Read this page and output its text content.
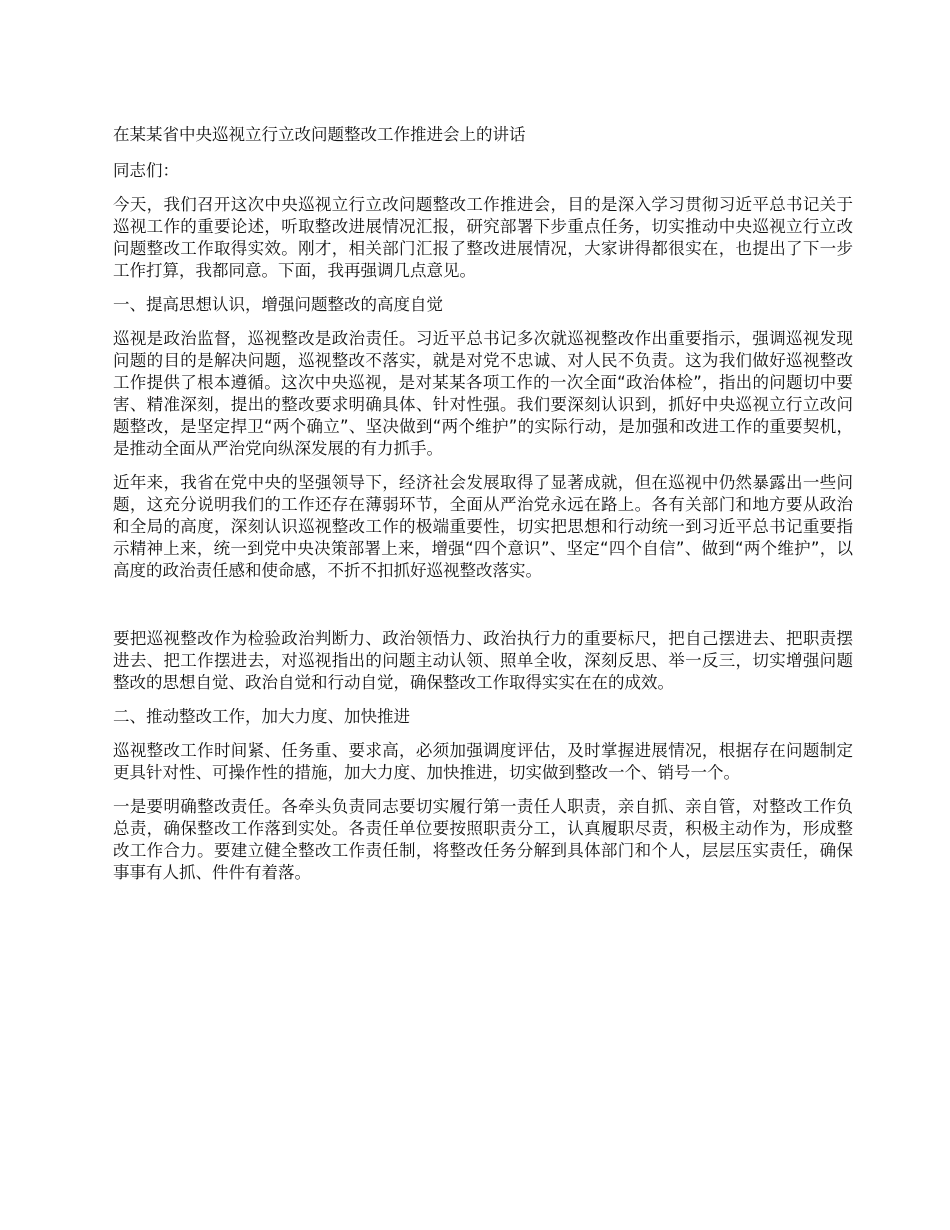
在某某省中央巡视立行立改问题整改工作推进会上的讲话

同志们：

今天，我们召开这次中央巡视立行立改问题整改工作推进会，目的是深入学习贯彻习近平总书记关于巡视工作的重要论述，听取整改进展情况汇报，研究部署下步重点任务，切实推动中央巡视立行立改问题整改工作取得实效。刚才，相关部门汇报了整改进展情况，大家讲得都很实在，也提出了下一步工作打算，我都同意。下面，我再强调几点意见。

一、提高思想认识，增强问题整改的高度自觉

巡视是政治监督，巡视整改是政治责任。习近平总书记多次就巡视整改作出重要指示，强调巡视发现问题的目的是解决问题，巡视整改不落实，就是对党不忠诚、对人民不负责。这为我们做好巡视整改工作提供了根本遵循。这次中央巡视，是对某某各项工作的一次全面“政治体检”，指出的问题切中要害、精准深刻，提出的整改要求明确具体、针对性强。我们要深刻认识到，抓好中央巡视立行立改问题整改，是坚定捍卫“两个确立”、坚决做到“两个维护”的实际行动，是加强和改进工作的重要契机，是推动全面从严治党向纵深发展的有力抓手。

近年来，我省在党中央的坚强领导下，经济社会发展取得了显著成就，但在巡视中仍然暴露出一些问题，这充分说明我们的工作还存在薄弱环节，全面从严治党永远在路上。各有关部门和地方要从政治和全局的高度，深刻认识巡视整改工作的极端重要性，切实把思想和行动统一到习近平总书记重要指示精神上来，统一到党中央决策部署上来，增强“四个意识”、坚定“四个自信”、做到“两个维护”，以高度的政治责任感和使命感，不折不扣抓好巡视整改落实。

要把巡视整改作为检验政治判断力、政治领悟力、政治执行力的重要标尺，把自己摆进去、把职责摆进去、把工作摆进去，对巡视指出的问题主动认领、照单全收，深刻反思、举一反三，切实增强问题整改的思想自觉、政治自觉和行动自觉，确保整改工作取得实实在在的成效。

二、推动整改工作，加大力度、加快推进

巡视整改工作时间紧、任务重、要求高，必须加强调度评估，及时掌握进展情况，根据存在问题制定更具针对性、可操作性的措施，加大力度、加快推进，切实做到整改一个、销号一个。

一是要明确整改责任。各牵头负责同志要切实履行第一责任人职责，亲自抓、亲自管，对整改工作负总责，确保整改工作落到实处。各责任单位要按照职责分工，认真履职尽责，积极主动作为，形成整改工作合力。要建立健全整改工作责任制，将整改任务分解到具体部门和个人，层层压实责任，确保事事有人抓、件件有着落。
